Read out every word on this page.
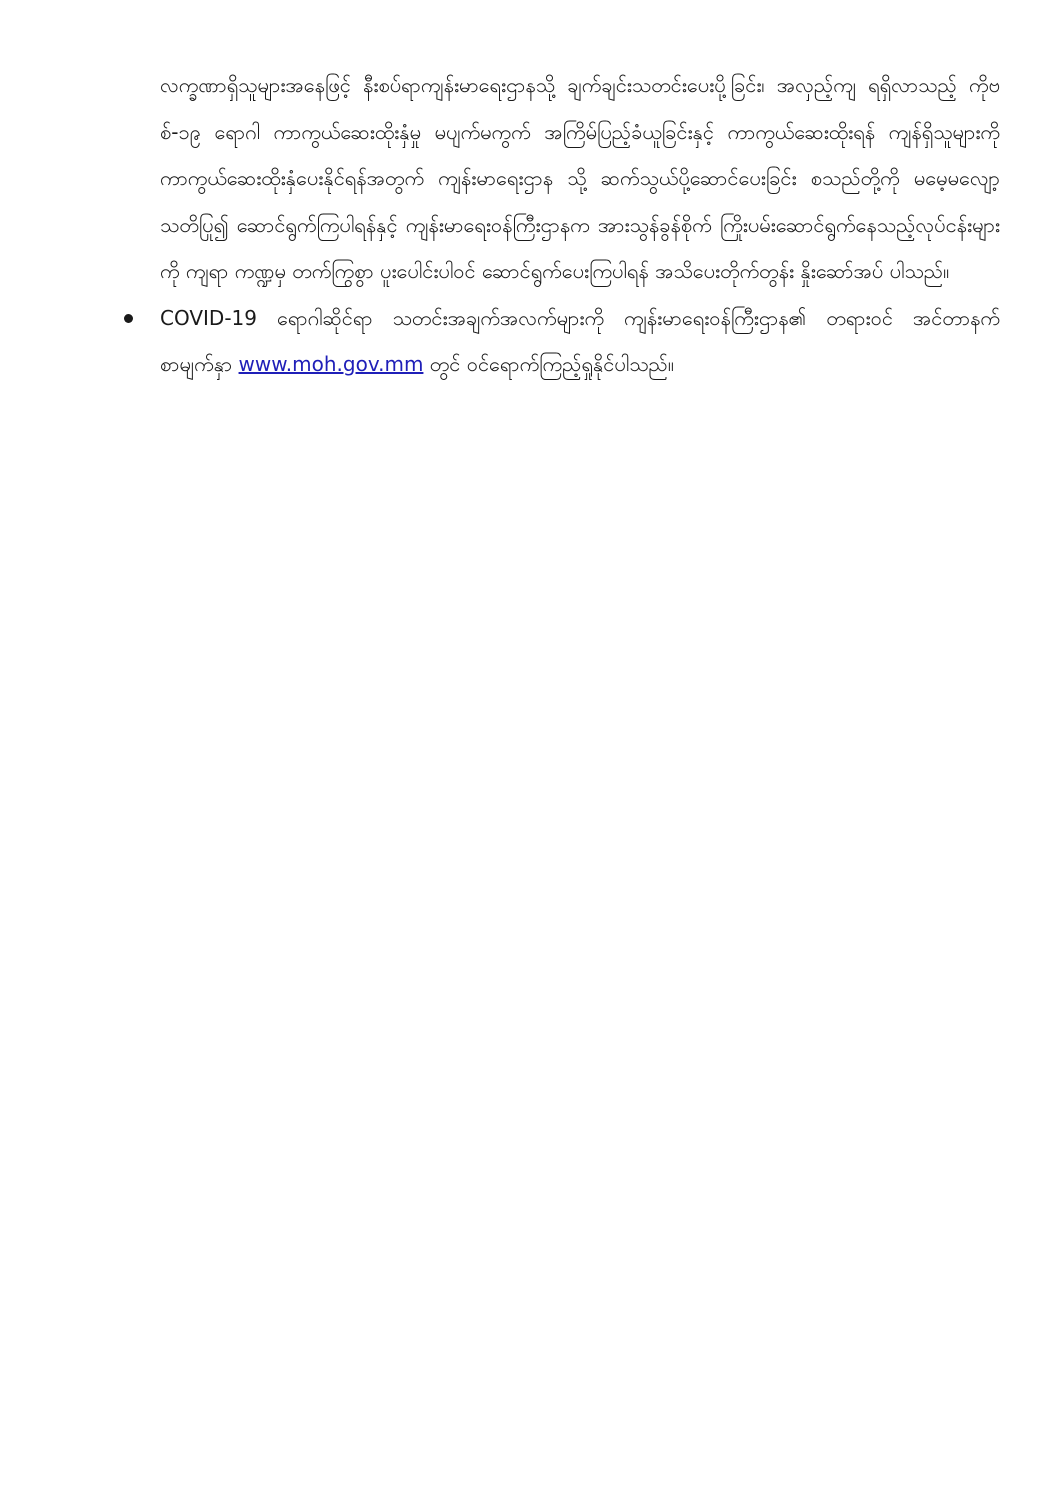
လက္ခဏာရှိသူများအနေဖြင့် နီးစပ်ရာကျန်းမာရေးဌာနသို့ ချက်ချင်းသတင်းပေးပို့ခြင်း၊ အလှည့်ကျ ရရှိလာသည့် ကိုဗစ်-၁၉ ရောဂါ ကာကွယ်ဆေးထိုးနှံမှု မပျက်မကွက် အကြိမ်ပြည့်ခံယူခြင်းနှင့် ကာကွယ်ဆေးထိုးရန် ကျန်ရှိသူများကို ကာကွယ်ဆေးထိုးနှံပေးနိုင်ရန်အတွက် ကျန်းမာရေးဌာန သို့ ဆက်သွယ်ပို့ဆောင်ပေးခြင်း စသည်တို့ကို မမေ့မလျော့ သတိပြု၍ ဆောင်ရွက်ကြပါရန်နှင့် ကျန်းမာရေးဝန်ကြီးဌာနက အားသွန်ခွန်စိုက် ကြိုးပမ်းဆောင်ရွက်နေသည့်လုပ်ငန်းများကို ကျရာ ကဏ္ဍမှ တက်ကြွစွာ ပူးပေါင်းပါဝင် ဆောင်ရွက်ပေးကြပါရန် အသိပေးတိုက်တွန်း နှိုးဆော်အပ် ပါသည်။

COVID-19 ရောဂါဆိုင်ရာ သတင်းအချက်အလက်များကို ကျန်းမာရေးဝန်ကြီးဌာန၏ တရားဝင် အင်တာနက်စာမျက်နှာ www.moh.gov.mm တွင် ဝင်ရောက်ကြည့်ရှုနိုင်ပါသည်။
